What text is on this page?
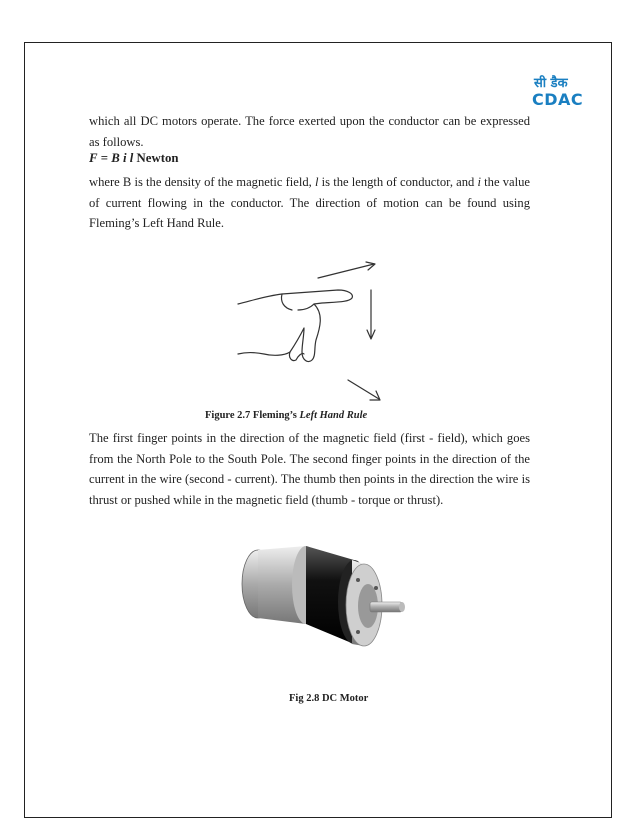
सी डैक
CDAC

which all DC motors operate. The force exerted upon the conductor can be expressed as follows.

F = B i l Newton

where B is the density of the magnetic field, l is the length of conductor, and i the value of current flowing in the conductor. The direction of motion can be found using Fleming’s Left Hand Rule.

Figure 2.7 Fleming’s Left Hand Rule

The first finger points in the direction of the magnetic field (first - field), which goes from the North Pole to the South Pole. The second finger points in the direction of the current in the wire (second - current). The thumb then points in the direction the wire is thrust or pushed while in the magnetic field (thumb - torque or thrust).

Fig 2.8 DC Motor
